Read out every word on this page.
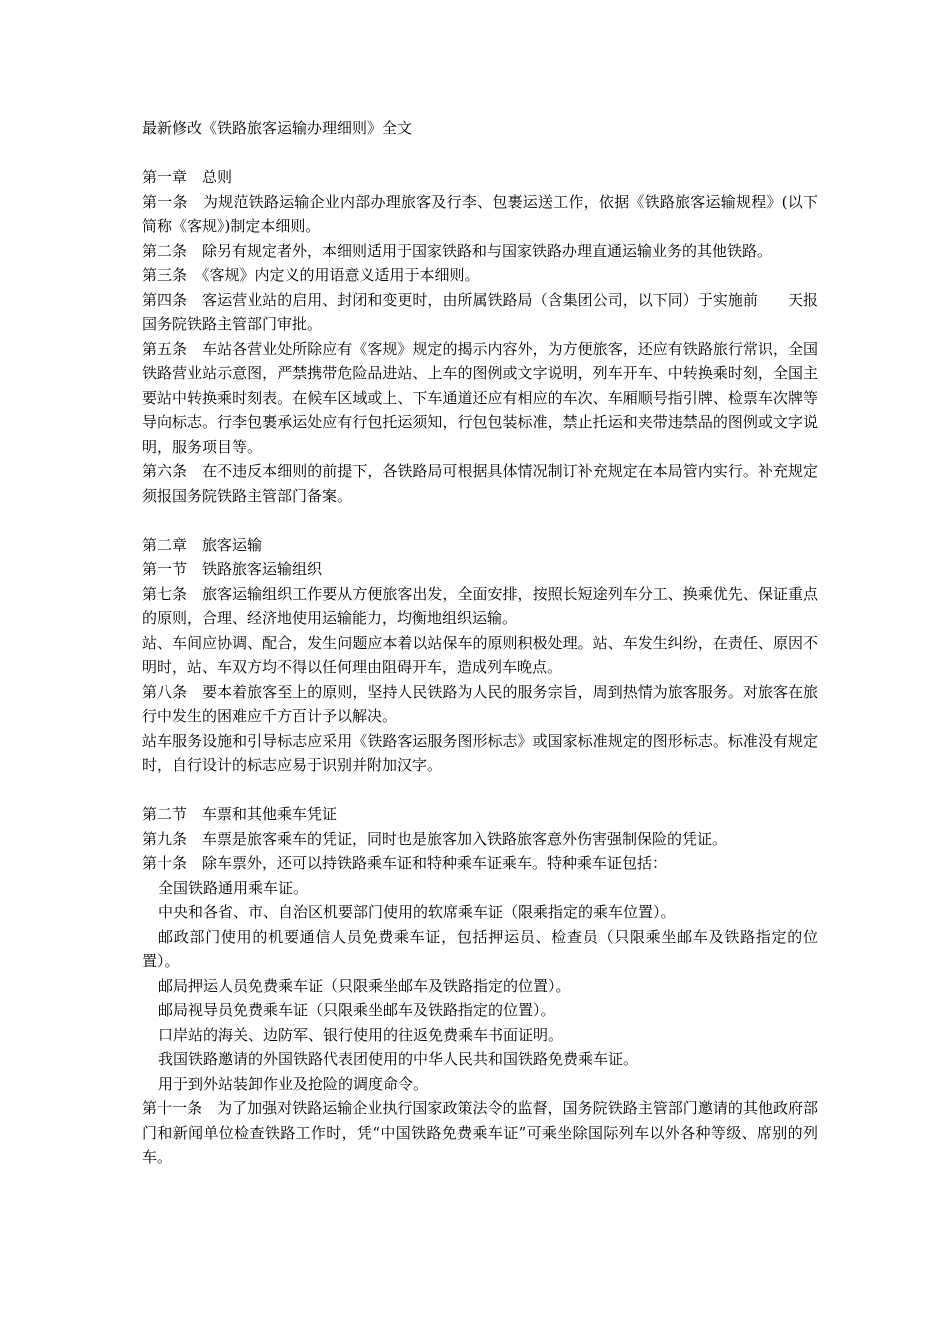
最新修改《铁路旅客运输办理细则》全文

第一章　总则

第一条　为规范铁路运输企业内部办理旅客及行李、包裹运送工作，依据《铁路旅客运输规程》(以下简称《客规》)制定本细则。

第二条　除另有规定者外，本细则适用于国家铁路和与国家铁路办理直通运输业务的其他铁路。

第三条　《客规》内定义的用语意义适用于本细则。

第四条　客运营业站的启用、封闭和变更时，由所属铁路局（含集团公司，以下同）于实施前　　天报国务院铁路主管部门审批。

第五条　车站各营业处所除应有《客规》规定的揭示内容外，为方便旅客，还应有铁路旅行常识，全国铁路营业站示意图，严禁携带危险品进站、上车的图例或文字说明，列车开车、中转换乘时刻，全国主要站中转换乘时刻表。在候车区域或上、下车通道还应有相应的车次、车厢顺号指引牌、检票车次牌等导向标志。行李包裹承运处应有行包托运须知，行包包装标准，禁止托运和夹带违禁品的图例或文字说明，服务项目等。

第六条　在不违反本细则的前提下，各铁路局可根据具体情况制订补充规定在本局管内实行。补充规定须报国务院铁路主管部门备案。

第二章　旅客运输

第一节　铁路旅客运输组织

第七条　旅客运输组织工作要从方便旅客出发，全面安排，按照长短途列车分工、换乘优先、保证重点的原则，合理、经济地使用运输能力，均衡地组织运输。

站、车间应协调、配合，发生问题应本着以站保车的原则积极处理。站、车发生纠纷，在责任、原因不明时，站、车双方均不得以任何理由阻碍开车，造成列车晚点。

第八条　要本着旅客至上的原则，坚持人民铁路为人民的服务宗旨，周到热情为旅客服务。对旅客在旅行中发生的困难应千方百计予以解决。

站车服务设施和引导标志应采用《铁路客运服务图形标志》或国家标准规定的图形标志。标准没有规定时，自行设计的标志应易于识别并附加汉字。

第二节　车票和其他乘车凭证

第九条　车票是旅客乘车的凭证，同时也是旅客加入铁路旅客意外伤害强制保险的凭证。

第十条　除车票外，还可以持铁路乘车证和特种乘车证乘车。特种乘车证包括：

全国铁路通用乘车证。

中央和各省、市、自治区机要部门使用的软席乘车证（限乘指定的乘车位置）。

邮政部门使用的机要通信人员免费乘车证，包括押运员、检查员（只限乘坐邮车及铁路指定的位置）。

邮局押运人员免费乘车证（只限乘坐邮车及铁路指定的位置）。

邮局视导员免费乘车证（只限乘坐邮车及铁路指定的位置）。

口岸站的海关、边防军、银行使用的往返免费乘车书面证明。

我国铁路邀请的外国铁路代表团使用的中华人民共和国铁路免费乘车证。

用于到外站装卸作业及抢险的调度命令。

第十一条　为了加强对铁路运输企业执行国家政策法令的监督，国务院铁路主管部门邀请的其他政府部门和新闻单位检查铁路工作时，凭“中国铁路免费乘车证”可乘坐除国际列车以外各种等级、席别的列车。
